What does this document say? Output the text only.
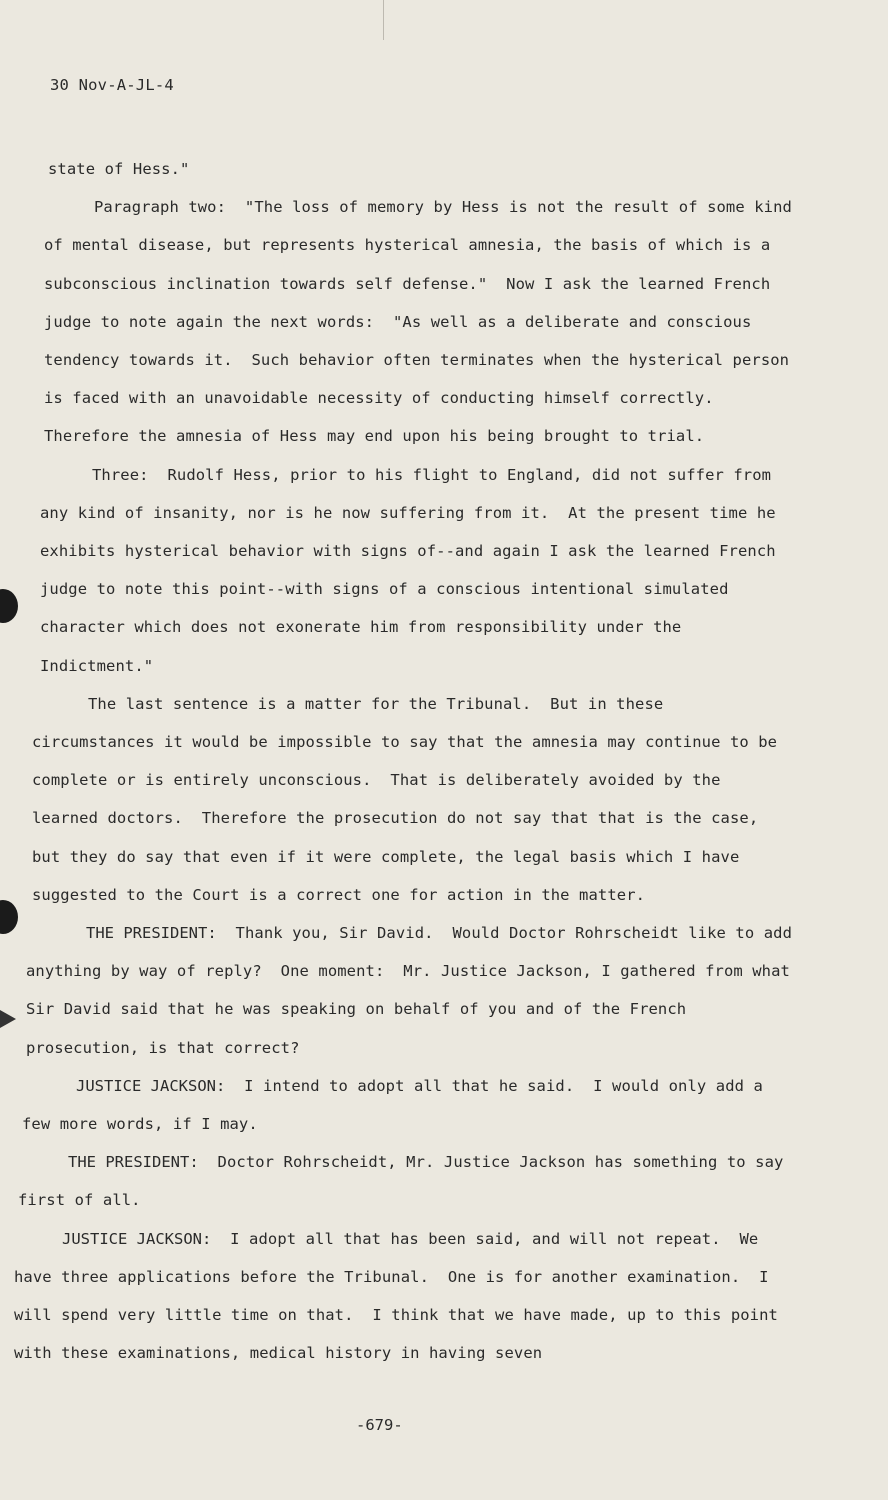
30 Nov-A-JL-4

state of Hess."

Paragraph two:  "The loss of memory by Hess is not the result of some kind of mental disease, but represents hysterical amnesia, the basis of which is a subconscious inclination towards self defense."  Now I ask the learned French judge to note again the next words:  "As well as a deliberate and conscious tendency towards it.  Such behavior often terminates when the hysterical person is faced with an unavoidable necessity of conducting himself correctly.  Therefore the amnesia of Hess may end upon his being brought to trial.

Three:  Rudolf Hess, prior to his flight to England, did not suffer from any kind of insanity, nor is he now suffering from it.  At the present time he exhibits hysterical behavior with signs of--and again I ask the learned French judge to note this point--with signs of a conscious intentional simulated character which does not exonerate him from responsibility under the Indictment."

The last sentence is a matter for the Tribunal.  But in these circumstances it would be impossible to say that the amnesia may continue to be complete or is entirely unconscious.  That is deliberately avoided by the learned doctors.  Therefore the prosecution do not say that that is the case, but they do say that even if it were complete, the legal basis which I have suggested to the Court is a correct one for action in the matter.

THE PRESIDENT:  Thank you, Sir David.  Would Doctor Rohrscheidt like to add anything by way of reply?  One moment:  Mr. Justice Jackson, I gathered from what Sir David said that he was speaking on behalf of you and of the French prosecution, is that correct?

JUSTICE JACKSON:  I intend to adopt all that he said.  I would only add a few more words, if I may.

THE PRESIDENT:  Doctor Rohrscheidt, Mr. Justice Jackson has something to say first of all.

JUSTICE JACKSON:  I adopt all that has been said, and will not repeat.  We have three applications before the Tribunal.  One is for another examination.  I will spend very little time on that.  I think that we have made, up to this point with these examinations, medical history in having seven

-679-
